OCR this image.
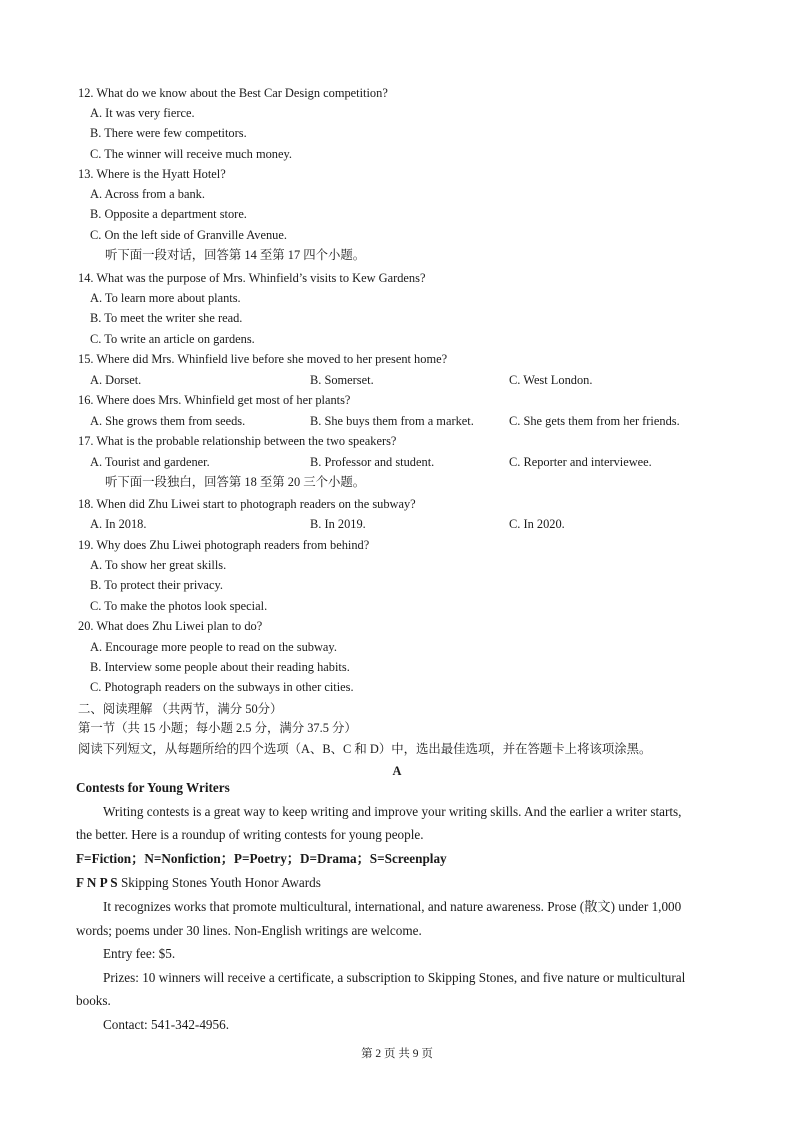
12. What do we know about the Best Car Design competition?

A. It was very fierce.

B. There were few competitors.

C. The winner will receive much money.

13. Where is the Hyatt Hotel?

A. Across from a bank.

B. Opposite a department store.

C. On the left side of Granville Avenue.

听下面一段对话，回答第 14 至第 17 四个小题。

14. What was the purpose of Mrs. Whinfield’s visits to Kew Gardens?

A. To learn more about plants.

B. To meet the writer she read.

C. To write an article on gardens.

15. Where did Mrs. Whinfield live before she moved to her present home?

A. Dorset.	B. Somerset.	C. West London.

16. Where does Mrs. Whinfield get most of her plants?

A. She grows them from seeds.	B. She buys them from a market.	C. She gets them from her friends.

17. What is the probable relationship between the two speakers?

A. Tourist and gardener.	B. Professor and student.	C. Reporter and interviewee.

听下面一段独白，回答第 18 至第 20 三个小题。

18. When did Zhu Liwei start to photograph readers on the subway?

A. In 2018.	B. In 2019.	C. In 2020.

19. Why does Zhu Liwei photograph readers from behind?

A. To show her great skills.

B. To protect their privacy.

C. To make the photos look special.

20. What does Zhu Liwei plan to do?

A. Encourage more people to read on the subway.

B. Interview some people about their reading habits.

C. Photograph readers on the subways in other cities.

二、阅读理解 （共两节，满分 50分）

第一节（共 15 小题；每小题 2.5 分，满分 37.5 分）

阅读下列短文，从每题所给的四个选项（A、B、C 和 D）中，选出最佳选项，并在答题卡上将该项涂黑。

A

Contests for Young Writers

Writing contests is a great way to keep writing and improve your writing skills. And the earlier a writer starts,

the better. Here is a roundup of writing contests for young people.

F=Fiction；N=Nonfiction；P=Poetry；D=Drama；S=Screenplay

F N P S Skipping Stones Youth Honor Awards

It recognizes works that promote multicultural, international, and nature awareness. Prose (散文) under 1,000

words; poems under 30 lines. Non-English writings are welcome.

Entry fee: $5.

Prizes: 10 winners will receive a certificate, a subscription to Skipping Stones, and five nature or multicultural

books.

Contact: 541-342-4956.

第 2 页 共 9 页
